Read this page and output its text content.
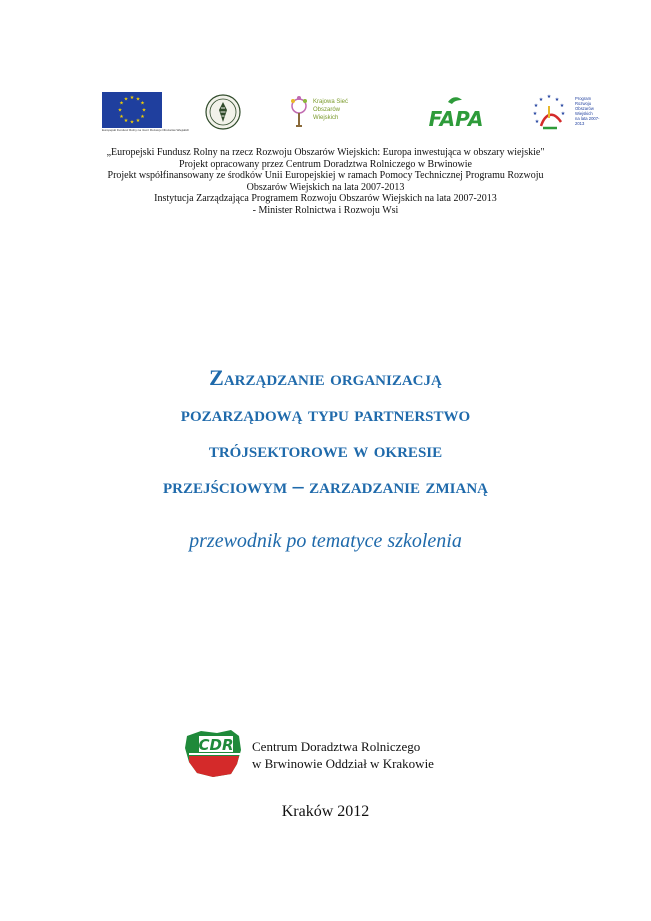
★ ★
★
★
★
★
★
★
★
★
★
★
Europejski Fundusz Rolny na rzecz Rozwoju Obszarów Wiejskich
Krajowa Sieć
Obszarów
Wiejskich	FAPA
★ ★
★
★
★
★
★
★
Program
Rozwoju
Obszarów
Wiejskich
na lata 2007-2013
„Europejski Fundusz Rolny na rzecz Rozwoju Obszarów Wiejskich: Europa inwestująca w obszary wiejskie"
Projekt opracowany przez Centrum Doradztwa Rolniczego w Brwinowie
Projekt współfinansowany ze środków Unii Europejskiej w ramach Pomocy Technicznej Programu Rozwoju
Obszarów Wiejskich na lata 2007-2013
Instytucja Zarządzająca Programem Rozwoju Obszarów Wiejskich na lata 2007-2013
- Minister Rolnictwa i Rozwoju Wsi
Zarządzanie organizacją
pozarządową typu partnerstwo
trójsektorowe w okresie
przejściowym – zarzadzanie zmianą
przewodnik po tematyce szkolenia
CDR Centrum Doradztwa Rolniczego
w Brwinowie Oddział w Krakowie
Kraków 2012
